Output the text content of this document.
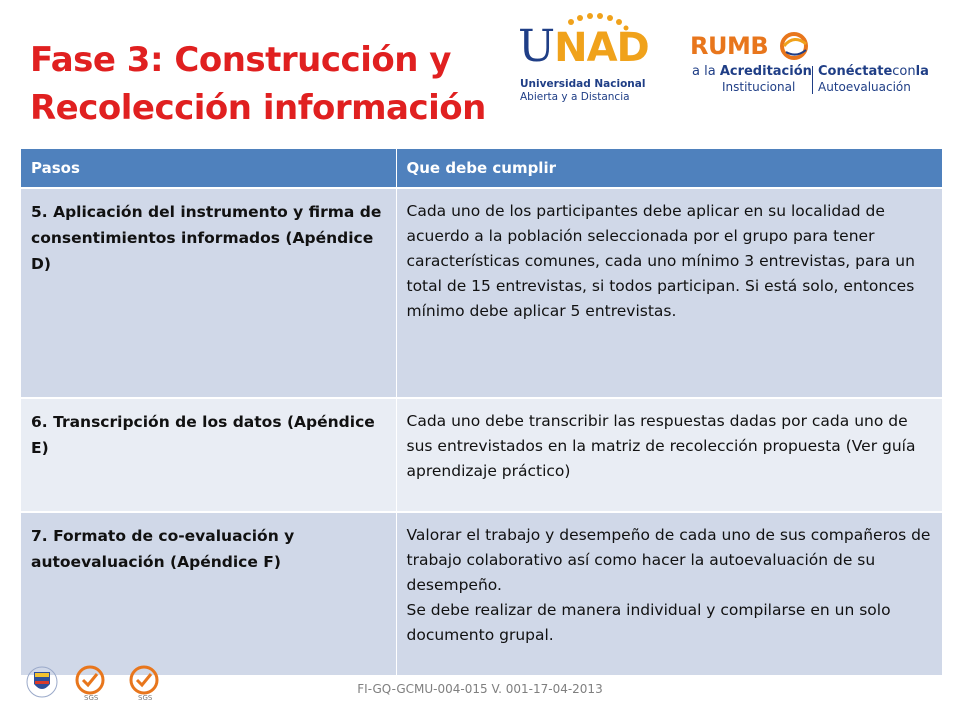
Fase 3: Construcción y
Recolección información
UNAD
Universidad Nacional
Abierta y a Distancia
RUMB
a la Acreditación
Institucional
Conéctateconla
Autoevaluación
Pasos	Que debe cumplir
5. Aplicación del instrumento y firma de consentimientos informados (Apéndice D)	Cada uno de los participantes debe aplicar en su localidad de acuerdo a la población seleccionada por el grupo para tener características comunes, cada uno mínimo 3 entrevistas, para un total de 15 entrevistas, si todos participan. Si está solo, entonces mínimo debe aplicar 5 entrevistas.

6. Transcripción de los datos (Apéndice E)	Cada uno debe transcribir las respuestas dadas por cada uno de sus entrevistados en la matriz de recolección propuesta (Ver guía aprendizaje práctico)

7. Formato de co-evaluación y autoevaluación (Apéndice F)	Valorar el trabajo y desempeño de cada uno de sus compañeros de trabajo colaborativo así como hacer la autoevaluación de su desempeño.
Se debe realizar de manera individual y compilarse en un solo documento grupal.
SGS	SGS
FI-GQ-GCMU-004-015 V. 001-17-04-2013
